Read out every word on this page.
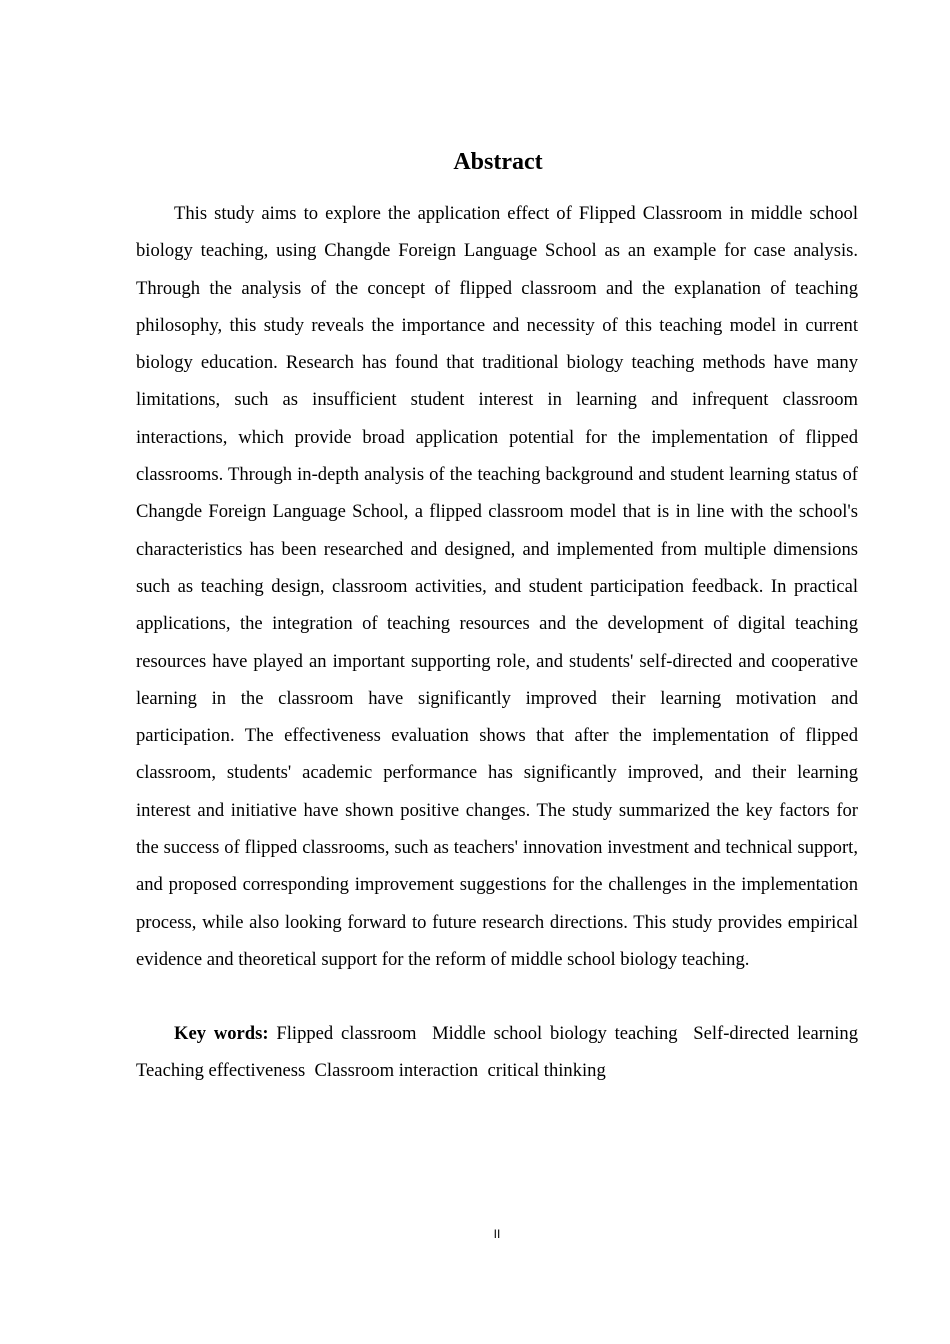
Abstract

This study aims to explore the application effect of Flipped Classroom in middle school biology teaching, using Changde Foreign Language School as an example for case analysis. Through the analysis of the concept of flipped classroom and the explanation of teaching philosophy, this study reveals the importance and necessity of this teaching model in current biology education. Research has found that traditional biology teaching methods have many limitations, such as insufficient student interest in learning and infrequent classroom interactions, which provide broad application potential for the implementation of flipped classrooms. Through in-depth analysis of the teaching background and student learning status of Changde Foreign Language School, a flipped classroom model that is in line with the school's characteristics has been researched and designed, and implemented from multiple dimensions such as teaching design, classroom activities, and student participation feedback. In practical applications, the integration of teaching resources and the development of digital teaching resources have played an important supporting role, and students' self-directed and cooperative learning in the classroom have significantly improved their learning motivation and participation. The effectiveness evaluation shows that after the implementation of flipped classroom, students' academic performance has significantly improved, and their learning interest and initiative have shown positive changes. The study summarized the key factors for the success of flipped classrooms, such as teachers' innovation investment and technical support, and proposed corresponding improvement suggestions for the challenges in the implementation process, while also looking forward to future research directions. This study provides empirical evidence and theoretical support for the reform of middle school biology teaching.

Key words: Flipped classroom  Middle school biology teaching  Self-directed learning  Teaching effectiveness  Classroom interaction  critical thinking

II
